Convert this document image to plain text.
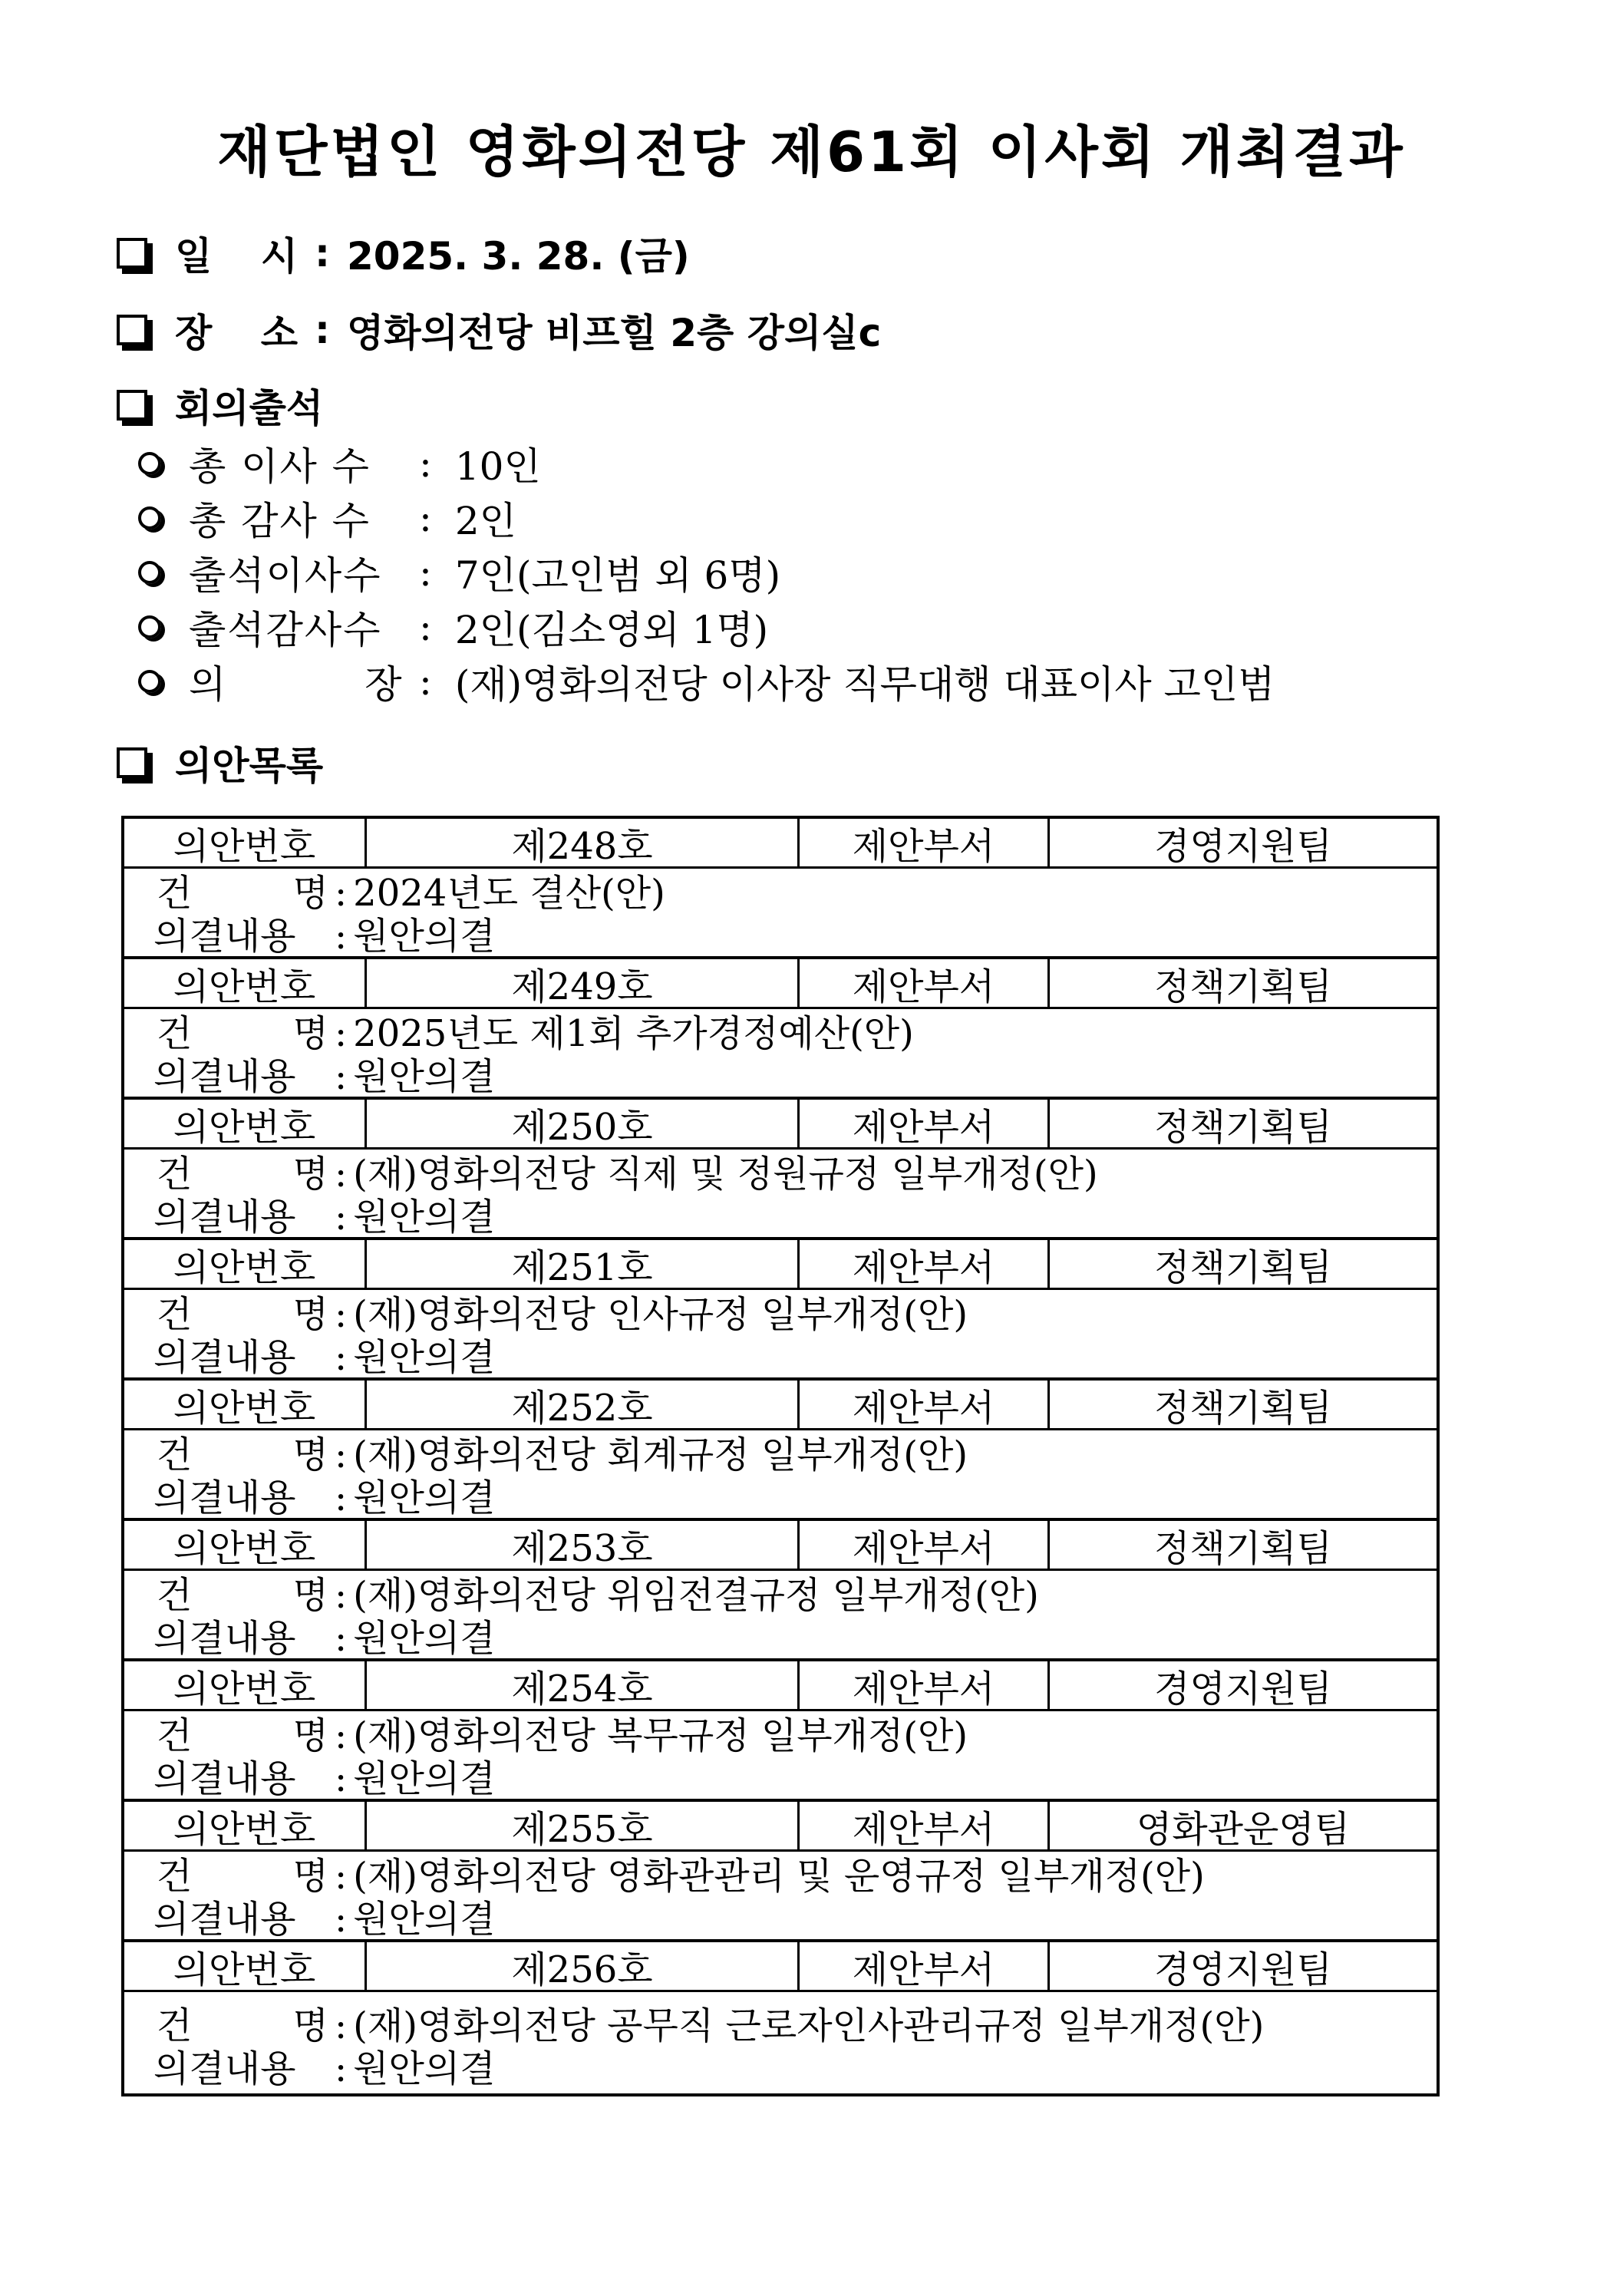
재단법인 영화의전당 제61회 이사회 개최결과
일 시 : 2025. 3. 28. (금)
장 소 : 영화의전당 비프힐 2층 강의실c
회의출석
총 이사 수	: 10인
총 감사 수	: 2인
출석이사수 : 7인(고인범 외 6명)
출석감사수 : 2인(김소영외 1명)
의          장 : (재)영화의전당 이사장 직무대행 대표이사 고인범
의안목록
의안번호	제248호	제안부서	경영지원팀
건	명 : 2024년도 결산(안)
의결내용	: 원안의결
의안번호	제249호	제안부서	정책기획팀
건	명 : 2025년도 제1회 추가경정예산(안)
의결내용	: 원안의결
의안번호	제250호	제안부서	정책기획팀
건	명 : (재)영화의전당 직제 및 정원규정 일부개정(안)
의결내용	: 원안의결
의안번호	제251호	제안부서	정책기획팀
건	명 : (재)영화의전당 인사규정 일부개정(안)
의결내용	: 원안의결
의안번호	제252호	제안부서	정책기획팀
건	명 : (재)영화의전당 회계규정 일부개정(안)
의결내용	: 원안의결
의안번호	제253호	제안부서	정책기획팀
건	명 : (재)영화의전당 위임전결규정 일부개정(안)
의결내용	: 원안의결
의안번호	제254호	제안부서	경영지원팀
건	명 : (재)영화의전당 복무규정 일부개정(안)
의결내용	: 원안의결
의안번호	제255호	제안부서	영화관운영팀
건	명 : (재)영화의전당 영화관관리 및 운영규정 일부개정(안)
의결내용	: 원안의결
의안번호	제256호	제안부서	경영지원팀
건	명 : (재)영화의전당 공무직 근로자인사관리규정 일부개정(안)
의결내용	: 원안의결
